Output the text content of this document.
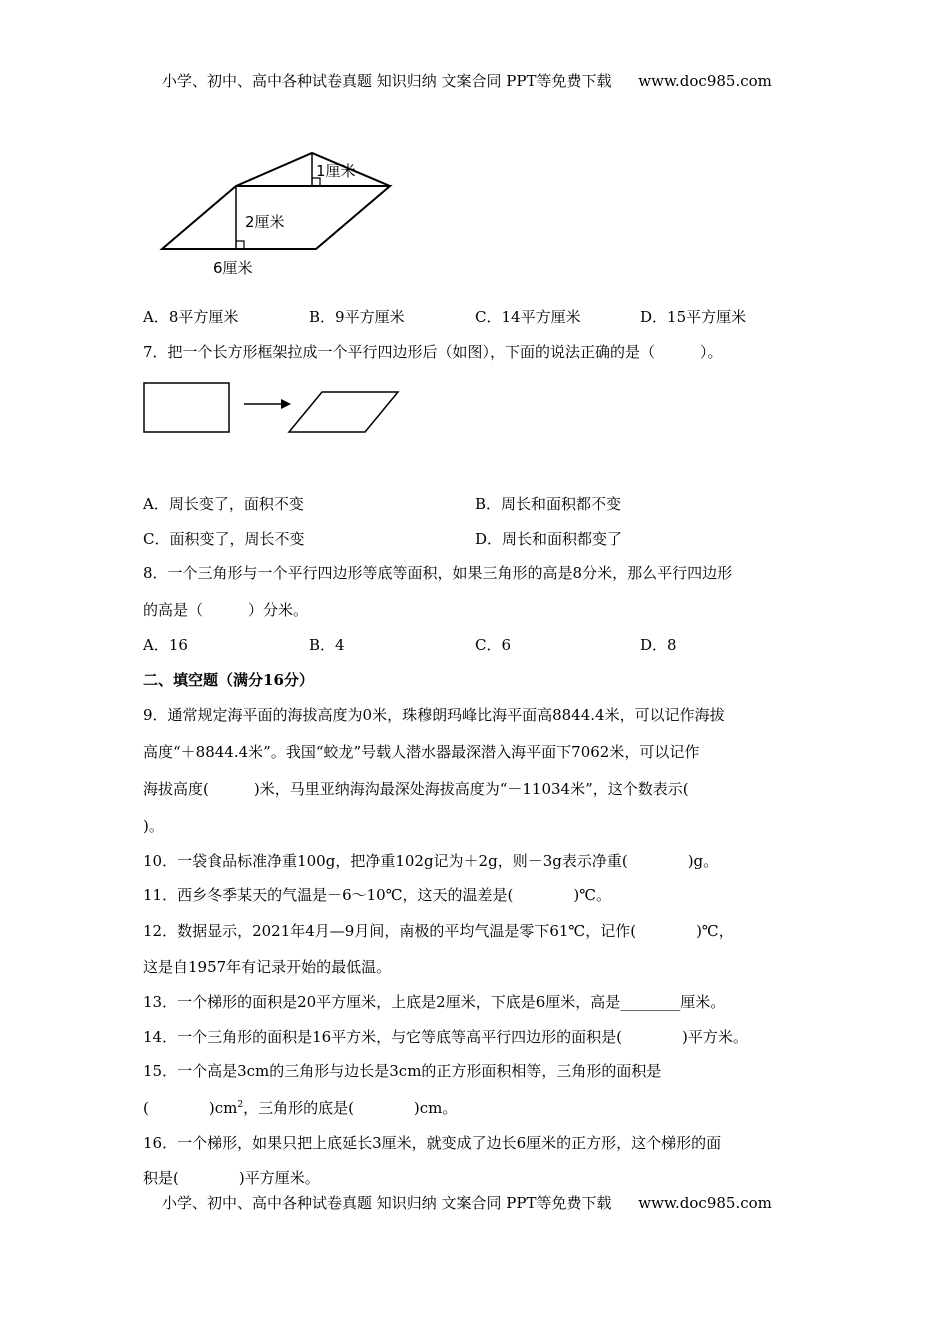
小学、初中、高中各种试卷真题 知识归纳 文案合同 PPT等免费下载 www.doc985.com
1厘米
2厘米
6厘米
A．8平方厘米	B．9平方厘米	C．14平方厘米	D．15平方厘米
7．把一个长方形框架拉成一个平行四边形后（如图），下面的说法正确的是（　　　）。
A．周长变了，面积不变	B．周长和面积都不变
C．面积变了，周长不变	D．周长和面积都变了
8．一个三角形与一个平行四边形等底等面积，如果三角形的高是8分米，那么平行四边形
的高是（　　　）分米。
A．16	B．4	C．6	D．8
二、填空题（满分16分）
9．通常规定海平面的海拔高度为0米，珠穆朗玛峰比海平面高8844.4米，可以记作海拔
高度“＋8844.4米”。我国“蛟龙”号载人潜水器最深潜入海平面下7062米，可以记作
海拔高度(　　　)米，马里亚纳海沟最深处海拔高度为“－11034米”，这个数表示(
)。
10．一袋食品标准净重100g，把净重102g记为＋2g，则－3g表示净重(　　　　)g。
11．西乡冬季某天的气温是－6～10℃，这天的温差是(　　　　)℃。
12．数据显示，2021年4月—9月间，南极的平均气温是零下61℃，记作(　　　　)℃，
这是自1957年有记录开始的最低温。
13．一个梯形的面积是20平方厘米，上底是2厘米，下底是6厘米，高是________厘米。
14．一个三角形的面积是16平方米，与它等底等高平行四边形的面积是(　　　　)平方米。
15．一个高是3cm的三角形与边长是3cm的正方形面积相等，三角形的面积是
(　　　　)$cm^2$，三角形的底是(　　　　)cm。
16．一个梯形，如果只把上底延长3厘米，就变成了边长6厘米的正方形，这个梯形的面
积是(　　　　)平方厘米。
小学、初中、高中各种试卷真题 知识归纳 文案合同 PPT等免费下载 www.doc985.com
